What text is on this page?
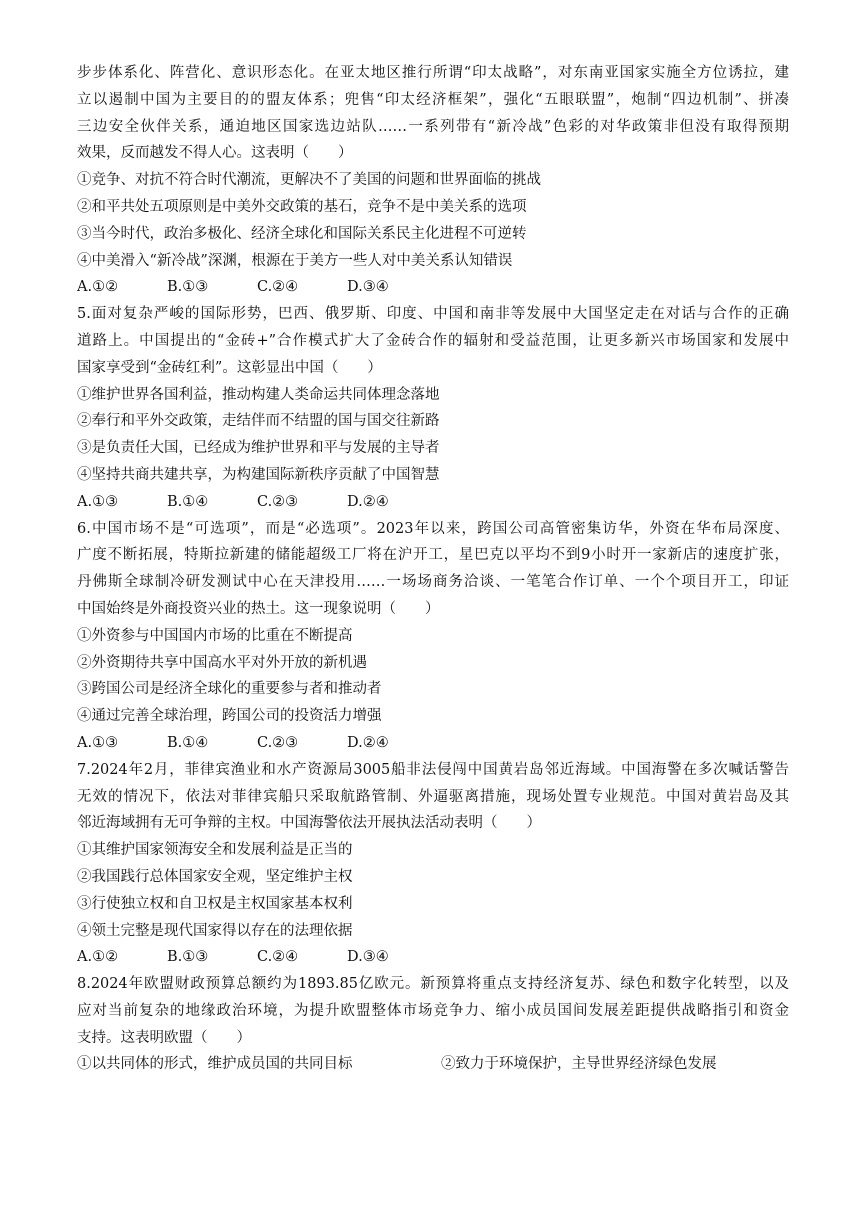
步步体系化、阵营化、意识形态化。在亚太地区推行所谓“印太战略”，对东南亚国家实施全方位诱拉，建
立以遏制中国为主要目的的盟友体系；兜售“印太经济框架”，强化“五眼联盟”，炮制“四边机制”、拼凑
三边安全伙伴关系，通迫地区国家选边站队……一系列带有“新冷战”色彩的对华政策非但没有取得预期
效果，反而越发不得人心。这表明（　　）
①竞争、对抗不符合时代潮流，更解决不了美国的问题和世界面临的挑战
②和平共处五项原则是中美外交政策的基石，竞争不是中美关系的选项
③当今时代，政治多极化、经济全球化和国际关系民主化进程不可逆转
④中美滑入“新冷战”深渊，根源在于美方一些人对中美关系认知错误
A.①②	B.①③	C.②④	D.③④
5.面对复杂严峻的国际形势，巴西、俄罗斯、印度、中国和南非等发展中大国坚定走在对话与合作的正确
道路上。中国提出的“金砖+”合作模式扩大了金砖合作的辐射和受益范围，让更多新兴市场国家和发展中
国家享受到“金砖红利”。这彰显出中国（　　）
①维护世界各国利益，推动构建人类命运共同体理念落地
②奉行和平外交政策，走结伴而不结盟的国与国交往新路
③是负责任大国，已经成为维护世界和平与发展的主导者
④坚持共商共建共享，为构建国际新秩序贡献了中国智慧
A.①③	B.①④	C.②③	D.②④
6.中国市场不是“可选项”，而是“必选项”。2023年以来，跨国公司高管密集访华，外资在华布局深度、
广度不断拓展，特斯拉新建的储能超级工厂将在沪开工，星巴克以平均不到9小时开一家新店的速度扩张，
丹佛斯全球制冷研发测试中心在天津投用……一场场商务洽谈、一笔笔合作订单、一个个项目开工，印证
中国始终是外商投资兴业的热土。这一现象说明（　　）
①外资参与中国国内市场的比重在不断提高
②外资期待共享中国高水平对外开放的新机遇
③跨国公司是经济全球化的重要参与者和推动者
④通过完善全球治理，跨国公司的投资活力增强
A.①③	B.①④	C.②③	D.②④
7.2024年2月，菲律宾渔业和水产资源局3005船非法侵闯中国黄岩岛邻近海域。中国海警在多次喊话警告
无效的情况下，依法对菲律宾船只采取航路管制、外逼驱离措施，现场处置专业规范。中国对黄岩岛及其
邻近海域拥有无可争辩的主权。中国海警依法开展执法活动表明（　　）
①其维护国家领海安全和发展利益是正当的
②我国践行总体国家安全观，坚定维护主权
③行使独立权和自卫权是主权国家基本权利
④领土完整是现代国家得以存在的法理依据
A.①②	B.①③	C.②④	D.③④
8.2024年欧盟财政预算总额约为1893.85亿欧元。新预算将重点支持经济复苏、绿色和数字化转型，以及
应对当前复杂的地缘政治环境，为提升欧盟整体市场竞争力、缩小成员国间发展差距提供战略指引和资金
支持。这表明欧盟（　　）
①以共同体的形式，维护成员国的共同目标	②致力于环境保护，主导世界经济绿色发展
